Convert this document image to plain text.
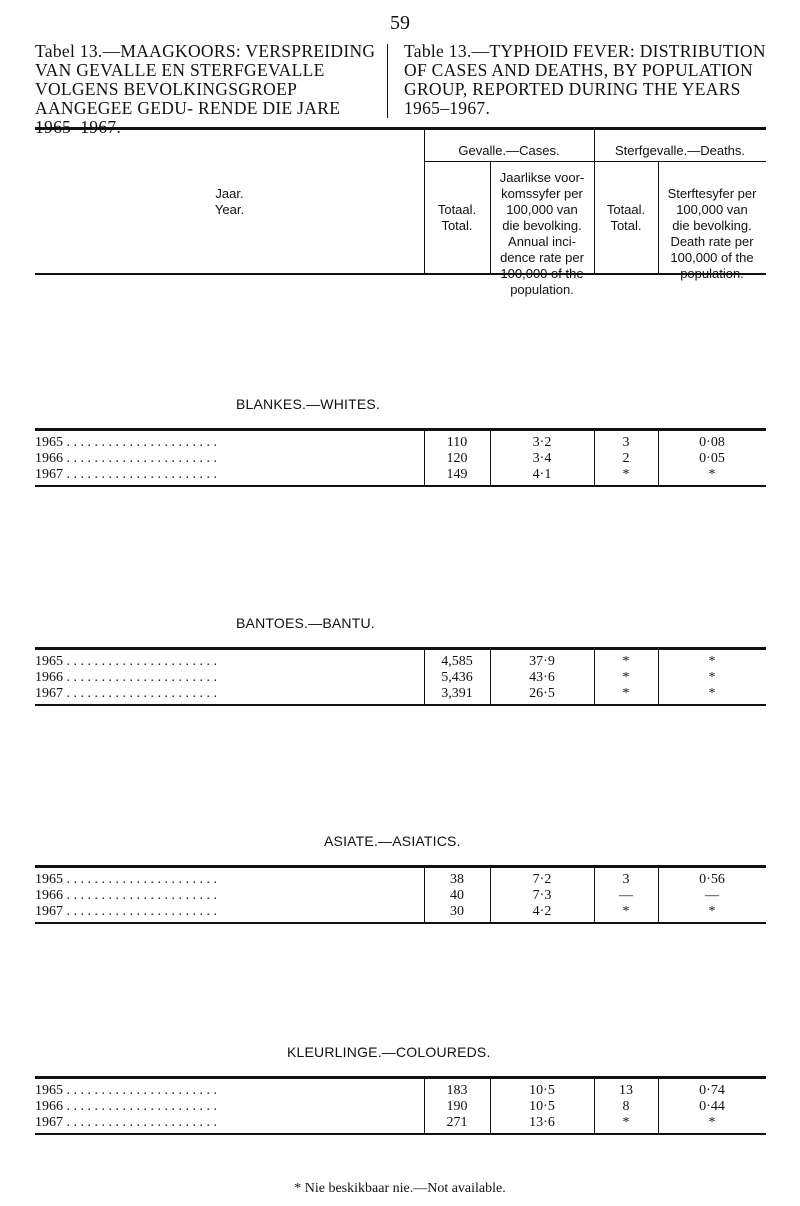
59
Tabel 13.—MAAGKOORS: VERSPREIDING VAN GEVALLE EN STERFGEVALLE VOLGENS BEVOLKINGSGROEP AANGEGEE GEDU- RENDE DIE JARE
Table 13.—TYPHOID FEVER: DISTRIBUTION OF CASES AND DEATHS, BY POPULATION GROUP, REPORTED DURING THE YEARS 1965–1967.
Jaar.
Year.
Gevalle.—Cases.	Sterfgevalle.—Deaths.
Totaal.
Total.
Jaarlikse voor-
komssyfer per
100,000 van
die bevolking.
Annual inci-
dence rate per
100,000 of the
population.
Totaal.
Total.
Sterftesyfer per
100,000 van
die bevolking.
Death rate per
100,000 of the
population.
BLANKES.—WHITES.
1965 . . . . . . . . . . . . . . . . . . . . . .	110	3·2	3	0·08
1966 . . . . . . . . . . . . . . . . . . . . . .	120	3·4	2	0·05
1967 . . . . . . . . . . . . . . . . . . . . . .	149	4·1	*	*
BANTOES.—BANTU.
1965 . . . . . . . . . . . . . . . . . . . . . .	4,585	37·9	*	*
1966 . . . . . . . . . . . . . . . . . . . . . .	5,436	43·6	*	*
1967 . . . . . . . . . . . . . . . . . . . . . .	3,391	26·5	*	*
ASIATE.—ASIATICS.
1965 . . . . . . . . . . . . . . . . . . . . . .	38	7·2	3	0·56
1966 . . . . . . . . . . . . . . . . . . . . . .	40	7·3	—	—
1967 . . . . . . . . . . . . . . . . . . . . . .	30	4·2	*	*
KLEURLINGE.—COLOUREDS.
1965 . . . . . . . . . . . . . . . . . . . . . .	183	10·5	13	0·74
1966 . . . . . . . . . . . . . . . . . . . . . .	190	10·5	8	0·44
1967 . . . . . . . . . . . . . . . . . . . . . .	271	13·6	*	*
* Nie beskikbaar nie.—Not available.
